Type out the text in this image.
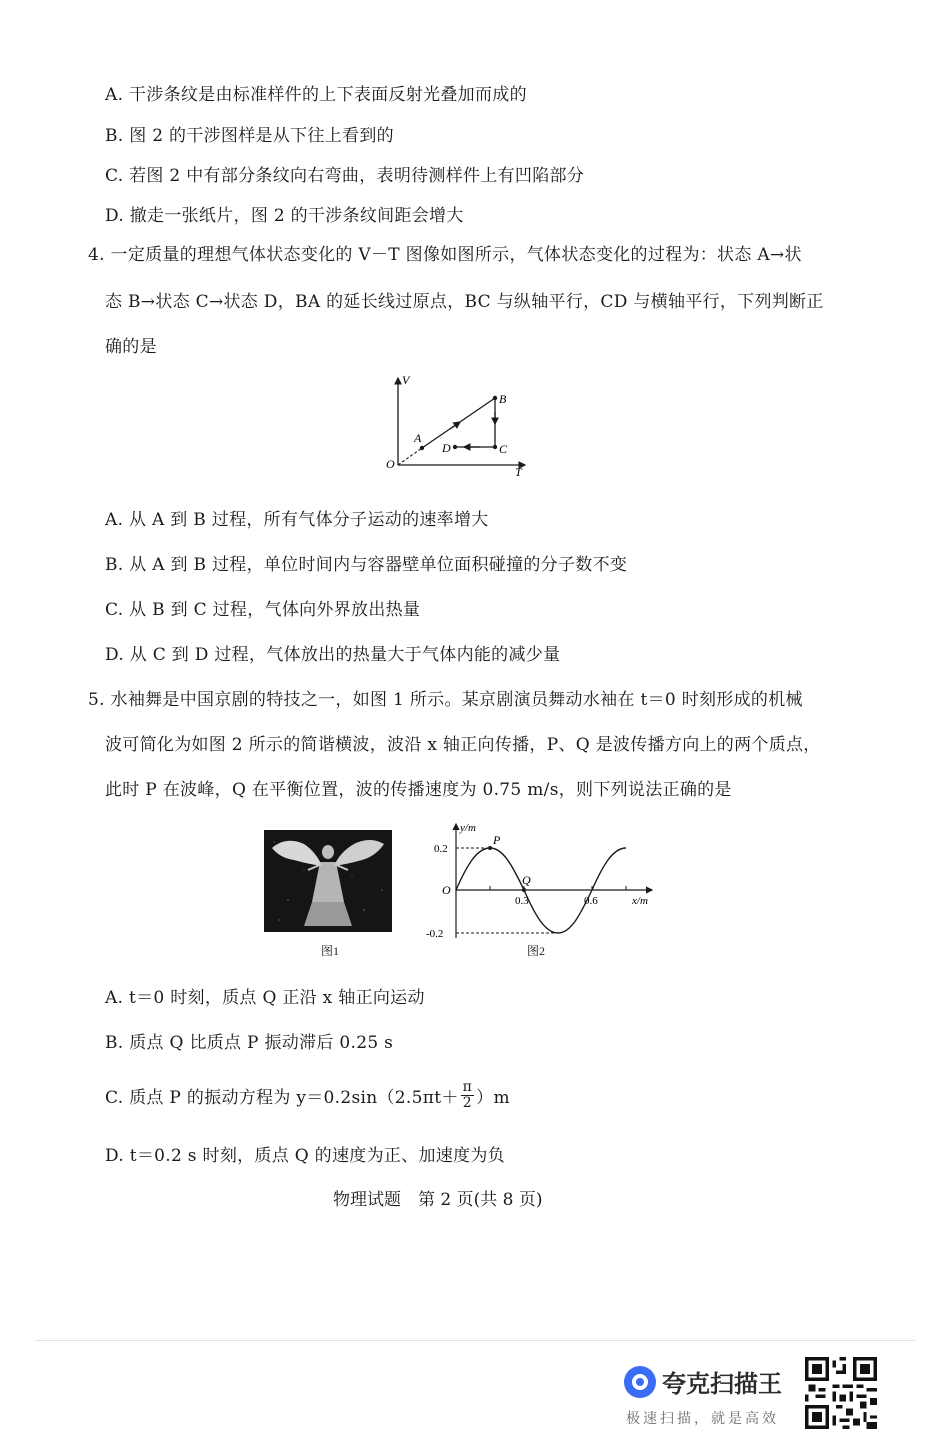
A. 干涉条纹是由标准样件的上下表面反射光叠加而成的
B. 图 2 的干涉图样是从下往上看到的
C. 若图 2 中有部分条纹向右弯曲，表明待测样件上有凹陷部分
D. 撤走一张纸片，图 2 的干涉条纹间距会增大
4. 一定质量的理想气体状态变化的 V－T 图像如图所示，气体状态变化的过程为：状态 A→状
态 B→状态 C→状态 D，BA 的延长线过原点，BC 与纵轴平行，CD 与横轴平行，下列判断正
确的是
V
T
O
A
B
C
D
A. 从 A 到 B 过程，所有气体分子运动的速率增大
B. 从 A 到 B 过程，单位时间内与容器壁单位面积碰撞的分子数不变
C. 从 B 到 C 过程，气体向外界放出热量
D. 从 C 到 D 过程，气体放出的热量大于气体内能的减少量
5. 水袖舞是中国京剧的特技之一，如图 1 所示。某京剧演员舞动水袖在 t＝0 时刻形成的机械
波可简化为如图 2 所示的简谐横波，波沿 x 轴正向传播，P、Q 是波传播方向上的两个质点，
此时 P 在波峰，Q 在平衡位置，波的传播速度为 0.75 m/s，则下列说法正确的是
图1
y/m
x/m
O
0.2
-0.2
0.3	0.6
P
Q
图2
A. t＝0 时刻，质点 Q 正沿 x 轴正向运动
B. 质点 Q 比质点 P 振动滞后 0.25 s
C. 质点 P 的振动方程为 $y=0.2\sin(2.5\pi t+ \frac{\pi}{2} )m$
D. t＝0.2 s 时刻，质点 Q 的速度为正、加速度为负
物理试题　第 2 页(共 8 页)
夸克扫描王
极速扫描，就是高效
